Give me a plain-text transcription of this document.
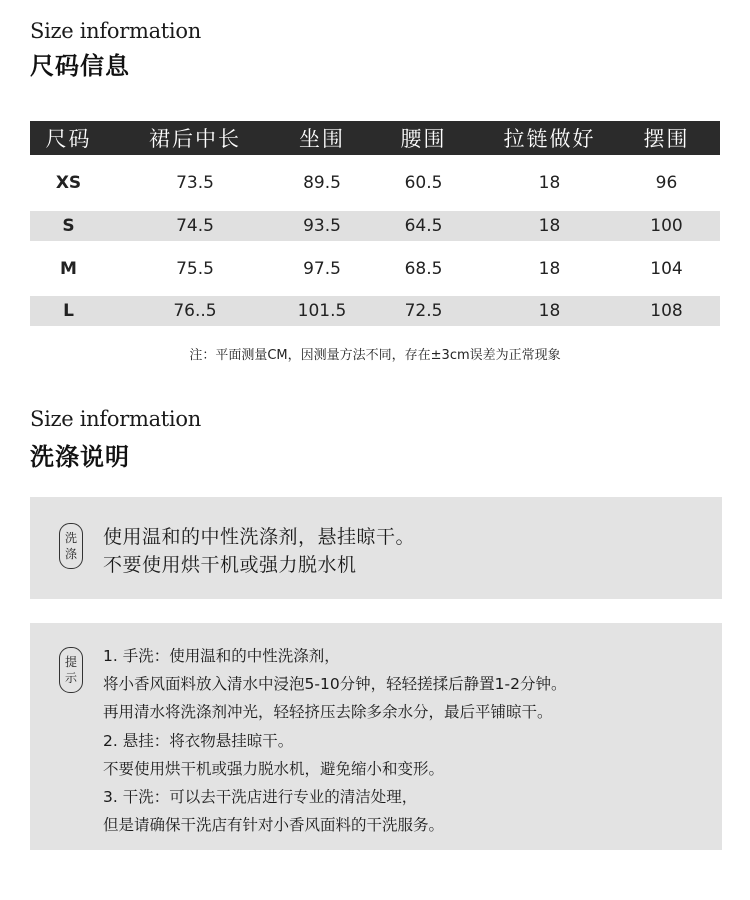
Size information
尺码信息
尺码	裙后中长	坐围	腰围	拉链做好	摆围
XS	73.5	89.5	60.5	18	96
S	74.5	93.5	64.5	18	100
M	75.5	97.5	68.5	18	104
L	76..5	101.5	72.5	18	108
注：平面测量CM，因测量方法不同，存在±3cm误差为正常现象
Size information
洗涤说明
洗
涤
使用温和的中性洗涤剂，悬挂晾干。
不要使用烘干机或强力脱水机
提
示
1. 手洗：使用温和的中性洗涤剂，
将小香风面料放入清水中浸泡5-10分钟，轻轻搓揉后静置1-2分钟。
再用清水将洗涤剂冲光，轻轻挤压去除多余水分，最后平铺晾干。
2. 悬挂：将衣物悬挂晾干。
不要使用烘干机或强力脱水机，避免缩小和变形。
3. 干洗：可以去干洗店进行专业的清洁处理，
但是请确保干洗店有针对小香风面料的干洗服务。
